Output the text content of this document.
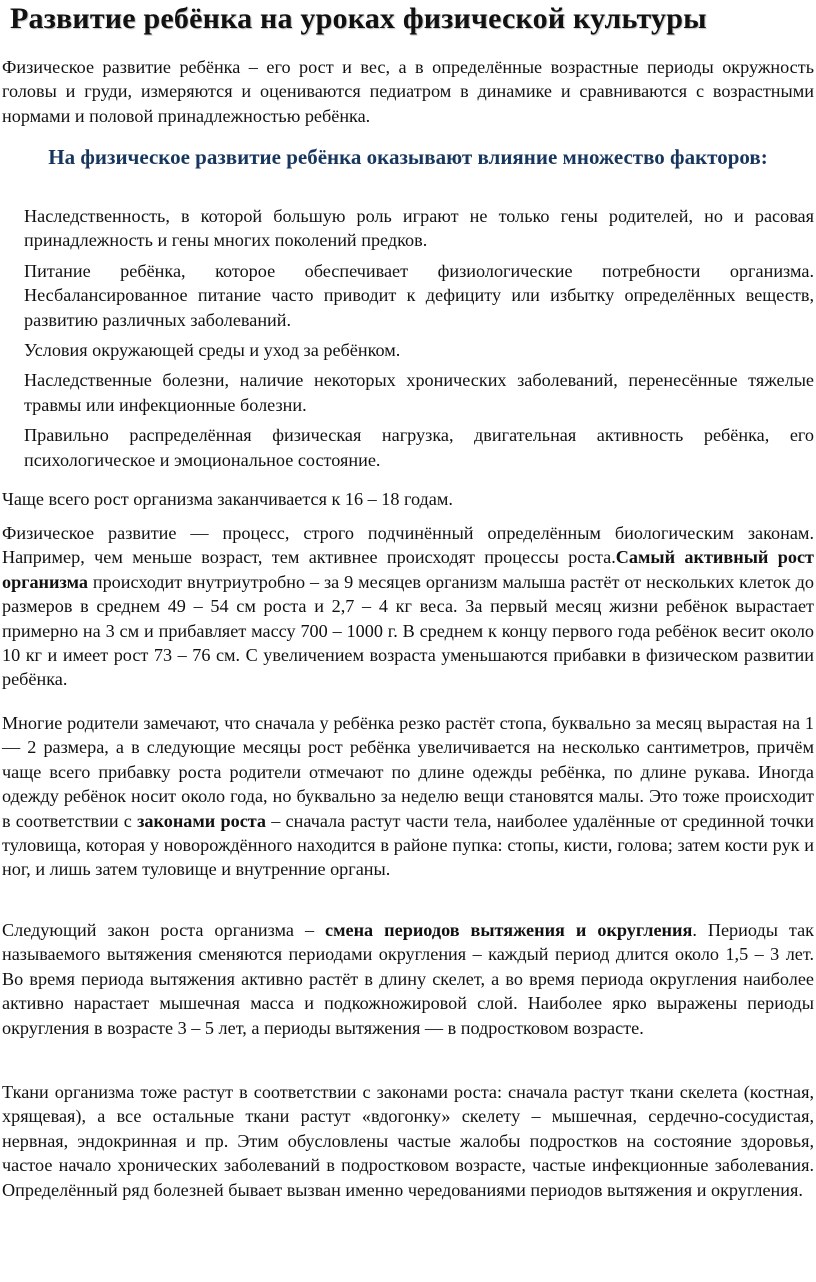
Развитие ребёнка на уроках физической культуры

Физическое развитие ребёнка – его рост и вес, а в определённые возрастные периоды окружность головы и груди, измеряются и оцениваются педиатром в динамике и сравниваются с возрастными нормами и половой принадлежностью ребёнка.

На физическое развитие ребёнка оказывают влияние множество факторов:
Наследственность, в которой большую роль играют не только гены родителей, но и расовая принадлежность и гены многих поколений предков.
Питание ребёнка, которое обеспечивает физиологические потребности организма. Несбалансированное питание часто приводит к дефициту или избытку определённых веществ, развитию различных заболеваний.
Условия окружающей среды и уход за ребёнком.
Наследственные болезни, наличие некоторых хронических заболеваний, перенесённые тяжелые травмы или инфекционные болезни.
Правильно распределённая физическая нагрузка, двигательная активность ребёнка, его психологическое и эмоциональное состояние.

Чаще всего рост организма заканчивается к 16 – 18 годам.

Физическое развитие — процесс, строго подчинённый определённым биологическим законам. Например, чем меньше возраст, тем активнее происходят процессы роста.Самый активный рост организма происходит внутриутробно – за 9 месяцев организм малыша растёт от нескольких клеток до размеров в среднем 49 – 54 см роста и 2,7 – 4 кг веса. За первый месяц жизни ребёнок вырастает примерно на 3 см и прибавляет массу 700 – 1000 г. В среднем к концу первого года ребёнок весит около 10 кг и имеет рост 73 – 76 см. С увеличением возраста уменьшаются прибавки в физическом развитии ребёнка.

Многие родители замечают, что сначала у ребёнка резко растёт стопа, буквально за месяц вырастая на 1 — 2 размера, а в следующие месяцы рост ребёнка увеличивается на несколько сантиметров, причём чаще всего прибавку роста родители отмечают по длине одежды ребёнка, по длине рукава. Иногда одежду ребёнок носит около года, но буквально за неделю вещи становятся малы. Это тоже происходит в соответствии с законами роста – сначала растут части тела, наиболее удалённые от срединной точки туловища, которая у новорождённого находится в районе пупка: стопы, кисти, голова; затем кости рук и ног, и лишь затем туловище и внутренние органы.

Следующий закон роста организма – смена периодов вытяжения и округления. Периоды так называемого вытяжения сменяются периодами округления – каждый период длится около 1,5 – 3 лет. Во время периода вытяжения активно растёт в длину скелет, а во время периода округления наиболее активно нарастает мышечная масса и подкожножировой слой. Наиболее ярко выражены периоды округления в возрасте 3 – 5 лет, а периоды вытяжения — в подростковом возрасте.

Ткани организма тоже растут в соответствии с законами роста: сначала растут ткани скелета (костная, хрящевая), а все остальные ткани растут «вдогонку» скелету – мышечная, сердечно-сосудистая, нервная, эндокринная и пр. Этим обусловлены частые жалобы подростков на состояние здоровья, частое начало хронических заболеваний в подростковом возрасте, частые инфекционные заболевания. Определённый ряд болезней бывает вызван именно чередованиями периодов вытяжения и округления.
